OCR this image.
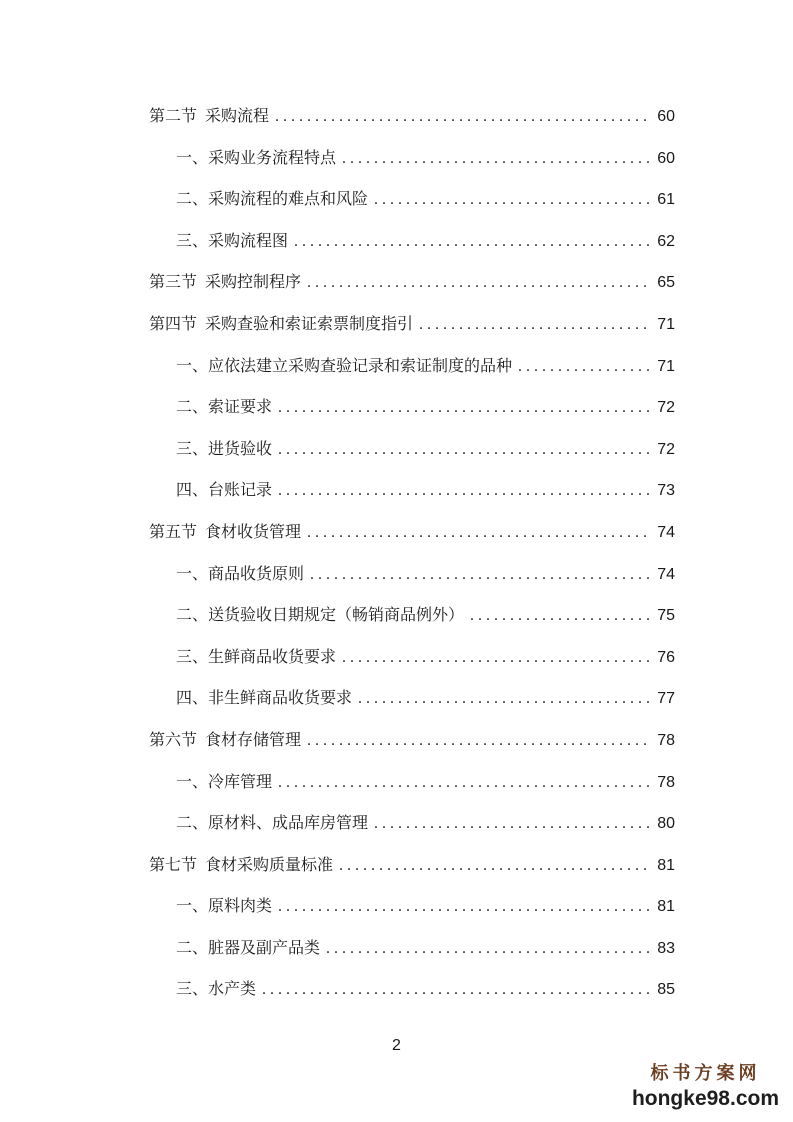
第二节 采购流程 . . .	60
一、采购业务流程特点 . . .	60
二、采购流程的难点和风险 . . .	61
三、采购流程图 . . .	62
第三节 采购控制程序 . . .	65
第四节 采购查验和索证索票制度指引 . . .	71
一、应依法建立采购查验记录和索证制度的品种 . . .	71
二、索证要求 . . .	72
三、进货验收 . . .	72
四、台账记录 . . .	73
第五节 食材收货管理 . . .	74
一、商品收货原则 . . .	74
二、送货验收日期规定（畅销商品例外） . . .	75
三、生鲜商品收货要求 . . .	76
四、非生鲜商品收货要求 . . .	77
第六节 食材存储管理 . . .	78
一、冷库管理 . . .	78
二、原材料、成品库房管理 . . .	80
第七节 食材采购质量标准 . . .	81
一、原料肉类 . . .	81
二、脏器及副产品类 . . .	83
三、水产类 . . .	85
2
标书方案网
hongke98.com
